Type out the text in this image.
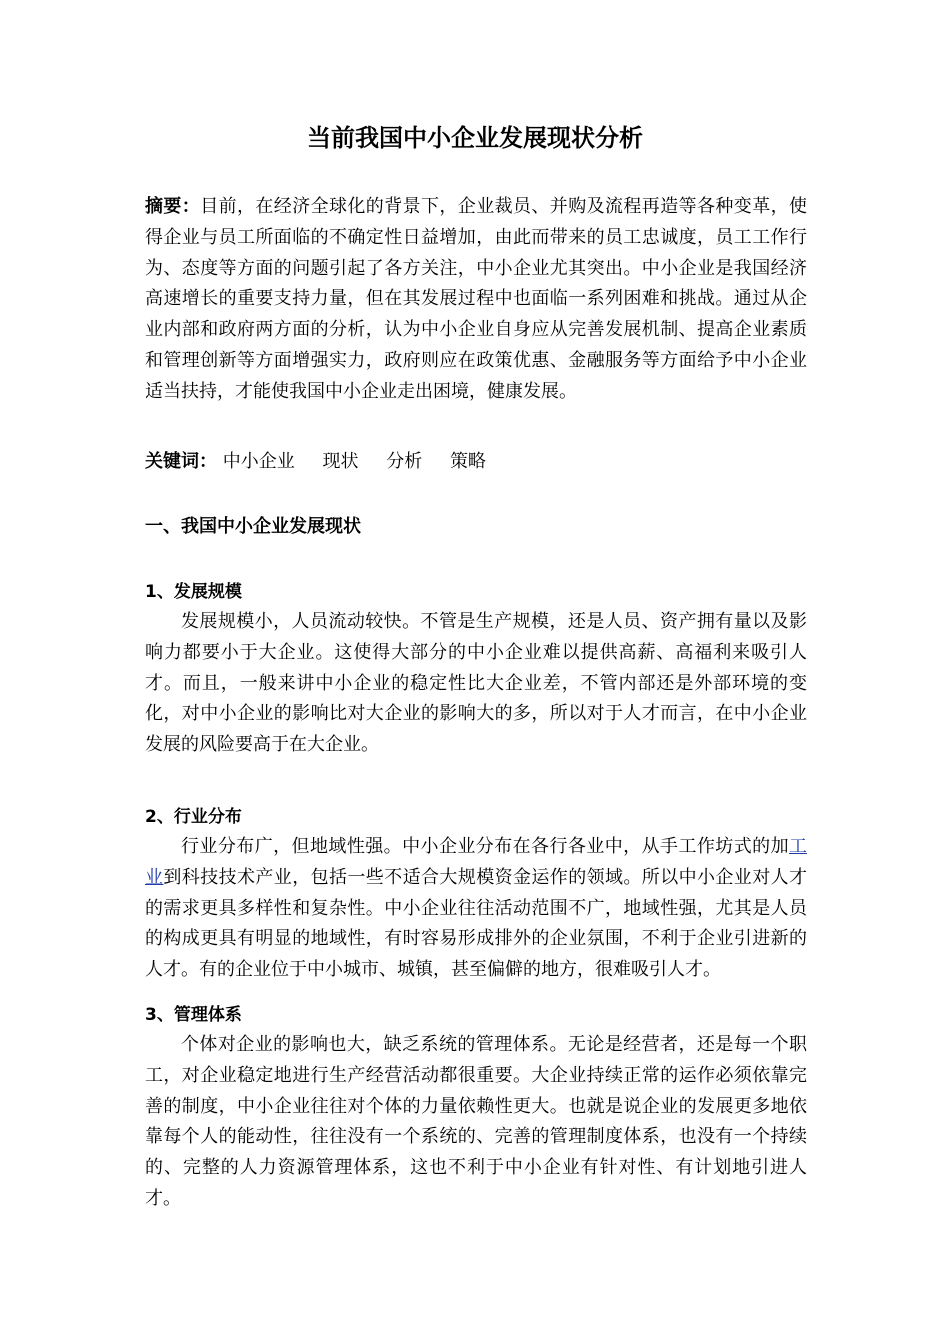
当前我国中小企业发展现状分析

摘要：目前，在经济全球化的背景下，企业裁员、并购及流程再造等各种变革，使得企业与员工所面临的不确定性日益增加，由此而带来的员工忠诚度，员工工作行为、态度等方面的问题引起了各方关注，中小企业尤其突出。中小企业是我国经济高速增长的重要支持力量，但在其发展过程中也面临一系列困难和挑战。通过从企业内部和政府两方面的分析，认为中小企业自身应从完善发展机制、提高企业素质和管理创新等方面增强实力，政府则应在政策优惠、金融服务等方面给予中小企业适当扶持，才能使我国中小企业走出困境，健康发展。

关键词： 中小企业 现状 分析 策略

一、我国中小企业发展现状
1、发展规模

发展规模小，人员流动较快。不管是生产规模，还是人员、资产拥有量以及影响力都要小于大企业。这使得大部分的中小企业难以提供高薪、高福利来吸引人才。而且，一般来讲中小企业的稳定性比大企业差，不管内部还是外部环境的变化，对中小企业的影响比对大企业的影响大的多，所以对于人才而言，在中小企业发展的风险要高于在大企业。

2、行业分布

行业分布广，但地域性强。中小企业分布在各行各业中，从手工作坊式的加工业到科技技术产业，包括一些不适合大规模资金运作的领域。所以中小企业对人才的需求更具多样性和复杂性。中小企业往往活动范围不广，地域性强，尤其是人员的构成更具有明显的地域性，有时容易形成排外的企业氛围，不利于企业引进新的人才。有的企业位于中小城市、城镇，甚至偏僻的地方，很难吸引人才。

3、管理体系

个体对企业的影响也大，缺乏系统的管理体系。无论是经营者，还是每一个职工，对企业稳定地进行生产经营活动都很重要。大企业持续正常的运作必须依靠完善的制度，中小企业往往对个体的力量依赖性更大。也就是说企业的发展更多地依靠每个人的能动性，往往没有一个系统的、完善的管理制度体系，也没有一个持续的、完整的人力资源管理体系，这也不利于中小企业有针对性、有计划地引进人才。
